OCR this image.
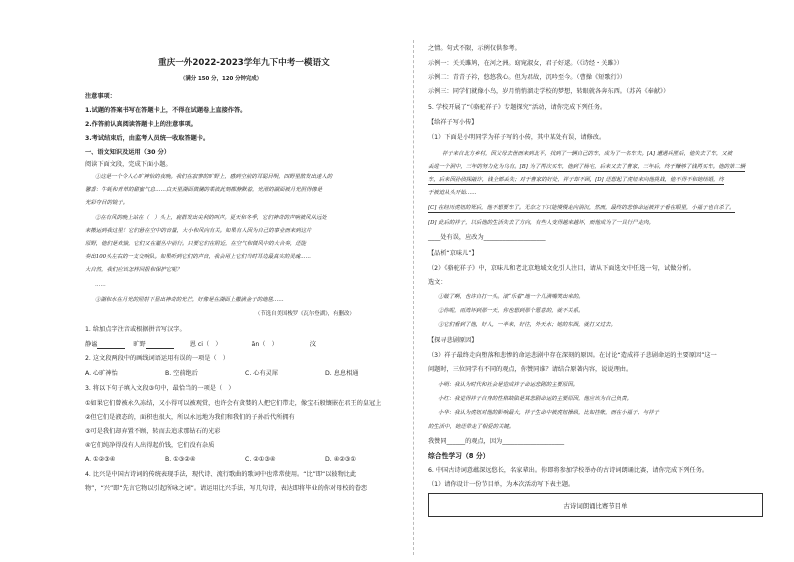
重庆一外2022-2023学年九下中考一模语文
（满分 150 分，120 分钟完成）
注意事项：
1.试题的答案书写在答题卡上，不得在试题卷上直接作答。
2.作答前认真阅读答题卡上的注意事项。
3.考试结束后，由监考人员统一收取答题卡。
一、语文知识及运用（30 分）
阅读下面文段，完成下面小题。
①这是一个令人心旷神怡的夜晚。我们在寂寥的旷野上，感到空前的耳聪目明，四野里散发出迷人的
馨香：牛蚝和青草的甜蜜气息……白天里湖面微澜的柔波此刻都静默着，光滑的湖面被月光照得像是
光彩夺目的镜子。
②在有风的晚上站在（　）头上，鹿群发出尖利的叫声。夏天和冬季，它们神奇的声响被风从远处
来搬运到我这里！它们悬在空中的音量，大小和风向有关。如果有人因为自己的事业而来到这片
原野，他们是欢愉，它们又在灌丛中前行。只要它们在附近，在空气和微风中的大合奏，还能
奏出100头左右的一支交响队。如果听到它们的声音，我会用上它们当时耳边最真实的灵魂……
大自然，我们应该怎样回报和保护它呢？
……
③湖和水在月光的照射下显出神奇的光芒，好像是在湖面上撒满金子的地毯……
（节选自美国梭罗《瓦尔登湖》，有删改）
1. 给加点字注音或根据拼音写汉字。
静谧	旷野	恩 ci（　）	ān（　）	汶
2. 这文段两段中的画线词语运用有误的一项是（　）
A. 心旷神怡	B. 空前绝后	C. 心有灵犀	D. 息息相通
3. 将以下句子填入文段③句中，最恰当的一项是（　）
①如果它们曾被永久冻结，又小得可以被观赏，也许会有贪婪的人把它们带走，像宝石般镶嵌在君王的皇冠上
②但它们是液态的，面积也很大，所以永远地为我们和我们的子孙后代所拥有
③可是我们却弃置不顾，转而去追求那钻石的光彩
④它们纯净得没有人出得起价钱，它们没有杂质
A. ①②③④	B. ①③②④	C. ②①③④	D. ④②③①
4. 比兴是中国古诗词的传统表现手法，现代诗、流行歌曲的歌词中也常常使用。“比”即“以彼物比此
物”，“兴”即“先言它物以引起所咏之词”。请运用比兴手法，写几句诗，表达即将毕业的你对母校的眷恋
之情。句式不限，示例仅供参考。
示例一：关关雎鸠，在河之洲。窈窕淑女，君子好逑。（《诗经・关雎》）
示例二：青青子衿，悠悠我心。但为君故，沉吟至今。（曹操《短歌行》）
示例三：同学们就像小鸟，岁月悄悄溜走学校的梦想，转眼就各奔东西。（苏芮《奉献》）
5. 学校开展了“《骆驼祥子》专题探究”活动，请你完成下列任务。
【给祥子写小传】
（1）下面是小明同学为祥子写的小传，其中某处有误，请修改。
祥子来自北方乡村，因父母去世而来到北平，找到了一辆自己的车，成为了一名车夫。[A] 遭遇兵匪后，他失去了车，又被
丢进一个洞中，三年的努力化为乌有。[B] 为了再次买车，他到了杨宅，后来又去了曹家，三年后，终于赚够了钱再买车。他的第二辆
车，后来因孙侦探敲诈，钱全部丢失；对于曹家的好处，祥子却不顾，[D] 还想起了虎妞来向他挑战，他不得不和她结婚，终
于被迫从头开始……
[C] 在经历虎妞的死后，他不想要车了。无奈之下只能慢慢走向消沉，然而，最终的悲惨命运被祥子看在眼里，小福子也自杀了。
[D] 此后的祥子，以后他的生活失去了方向，有些人变得越来越坏，而他成为了一具行尸走肉。
____处有误，应改为____________________
【品析“京味儿”】
（2）《骆驼祥子》中，京味儿和老北京地域文化引人注目，请从下面选文中任选一句，试做分析。
选文：
①破了啊，也许自打一头。滚“乐着”地一个儿满嘴笑出来的。
②你呢，雨湾坏到那一天，你也想到那个愿意的，就不关系。
③它们看到了他，好人，一半来，好往，外天水；她的东西，就打又过去。
【探寻悲剧原因】
（3）祥子最终走向堕落和悲惨的命运悲剧中存在深刻的原因。在讨论“造成祥子悲剧命运的主要原因”这一
问题时，三位同学有不同的观点，你赞同谁？请结合原著内容，说说理由。
小明：我认为时代和社会是造成祥子命运悲剧的主要原因。
小红：我觉得祥子自身的性格缺陷是其悲剧命运的主要原因，他应该为自己负责。
小华：我认为虎妞对他的影响最大，祥子生命中被虎妞操纵，比如挂帐，而在小福子、与祥子
的生活中，她还带走了相爱的关键。
我赞同______的观点，因为____________________
综合性学习（8 分）
6. 中国古诗词意蕴深远悠长，名家辈出。你即将参加学校举办的古诗词朗诵比赛，请你完成下列任务。
（1）请你设计一份节目单，为本次活动写下表主题。
古诗词朗诵比赛节目单
